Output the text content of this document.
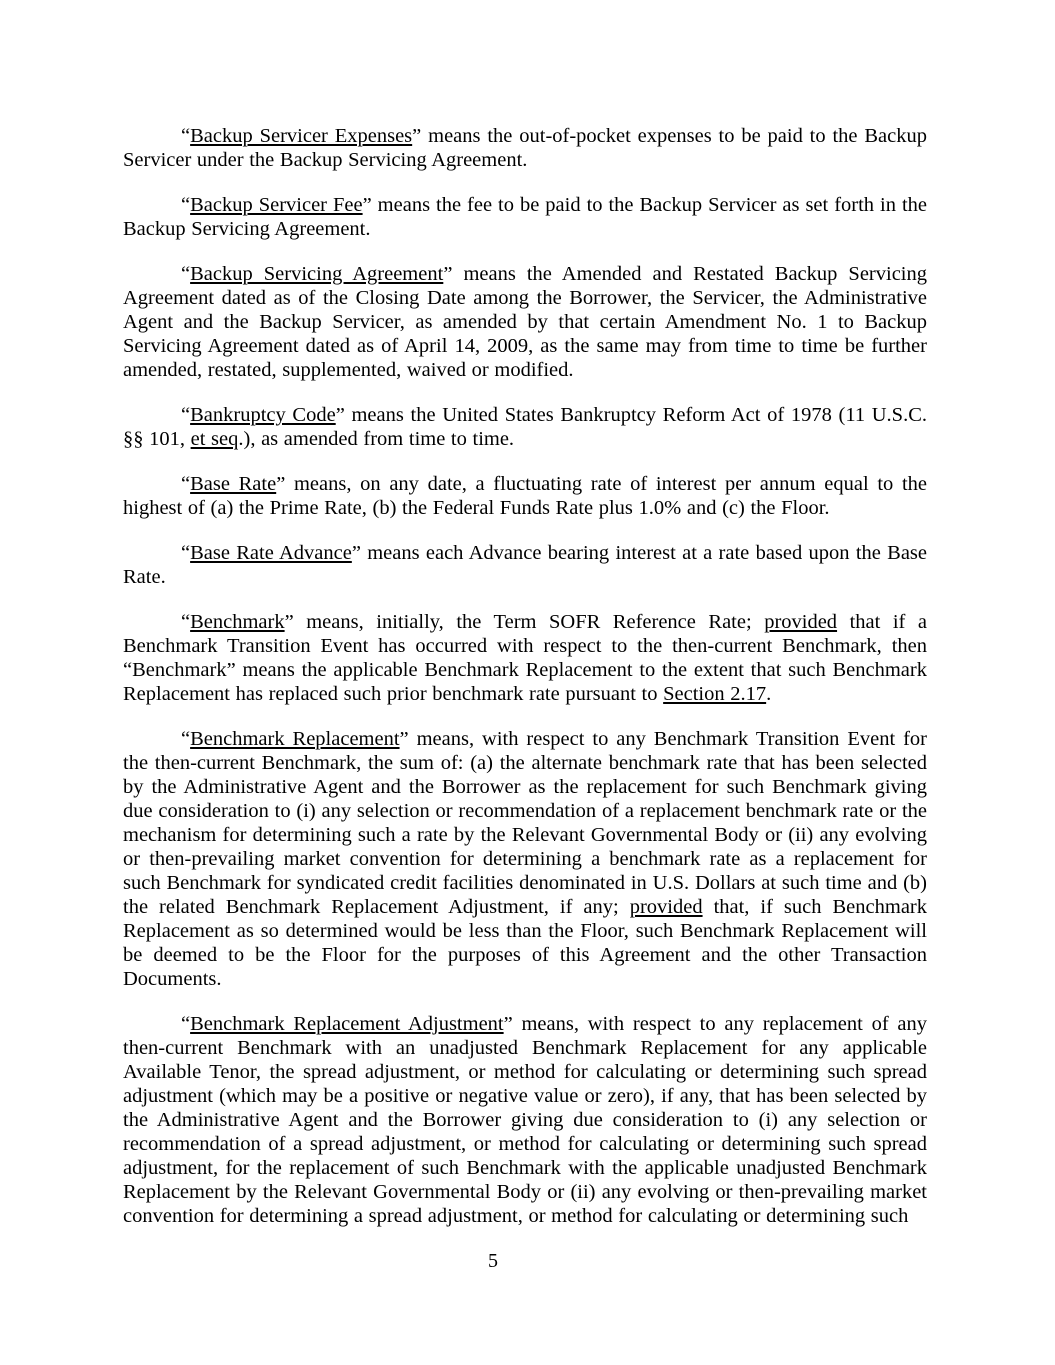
“Backup Servicer Expenses” means the out-of-pocket expenses to be paid to the Backup Servicer under the Backup Servicing Agreement.

“Backup Servicer Fee” means the fee to be paid to the Backup Servicer as set forth in the Backup Servicing Agreement.

“Backup Servicing Agreement” means the Amended and Restated Backup Servicing Agreement dated as of the Closing Date among the Borrower, the Servicer, the Administrative Agent and the Backup Servicer, as amended by that certain Amendment No. 1 to Backup Servicing Agreement dated as of April 14, 2009, as the same may from time to time be further amended, restated, supplemented, waived or modified.

“Bankruptcy Code” means the United States Bankruptcy Reform Act of 1978 (11 U.S.C. §§ 101, et seq.), as amended from time to time.

“Base Rate” means, on any date, a fluctuating rate of interest per annum equal to the highest of (a) the Prime Rate, (b) the Federal Funds Rate plus 1.0% and (c) the Floor.

“Base Rate Advance” means each Advance bearing interest at a rate based upon the Base Rate.

“Benchmark” means, initially, the Term SOFR Reference Rate; provided that if a Benchmark Transition Event has occurred with respect to the then-current Benchmark, then “Benchmark” means the applicable Benchmark Replacement to the extent that such Benchmark Replacement has replaced such prior benchmark rate pursuant to Section 2.17.

“Benchmark Replacement” means, with respect to any Benchmark Transition Event for the then-current Benchmark, the sum of: (a) the alternate benchmark rate that has been selected by the Administrative Agent and the Borrower as the replacement for such Benchmark giving due consideration to (i) any selection or recommendation of a replacement benchmark rate or the mechanism for determining such a rate by the Relevant Governmental Body or (ii) any evolving or then-prevailing market convention for determining a benchmark rate as a replacement for such Benchmark for syndicated credit facilities denominated in U.S. Dollars at such time and (b) the related Benchmark Replacement Adjustment, if any; provided that, if such Benchmark Replacement as so determined would be less than the Floor, such Benchmark Replacement will be deemed to be the Floor for the purposes of this Agreement and the other Transaction Documents.

“Benchmark Replacement Adjustment” means, with respect to any replacement of any then-current Benchmark with an unadjusted Benchmark Replacement for any applicable Available Tenor, the spread adjustment, or method for calculating or determining such spread adjustment (which may be a positive or negative value or zero), if any, that has been selected by the Administrative Agent and the Borrower giving due consideration to (i) any selection or recommendation of a spread adjustment, or method for calculating or determining such spread adjustment, for the replacement of such Benchmark with the applicable unadjusted Benchmark Replacement by the Relevant Governmental Body or (ii) any evolving or then-prevailing market convention for determining a spread adjustment, or method for calculating or determining such

5
